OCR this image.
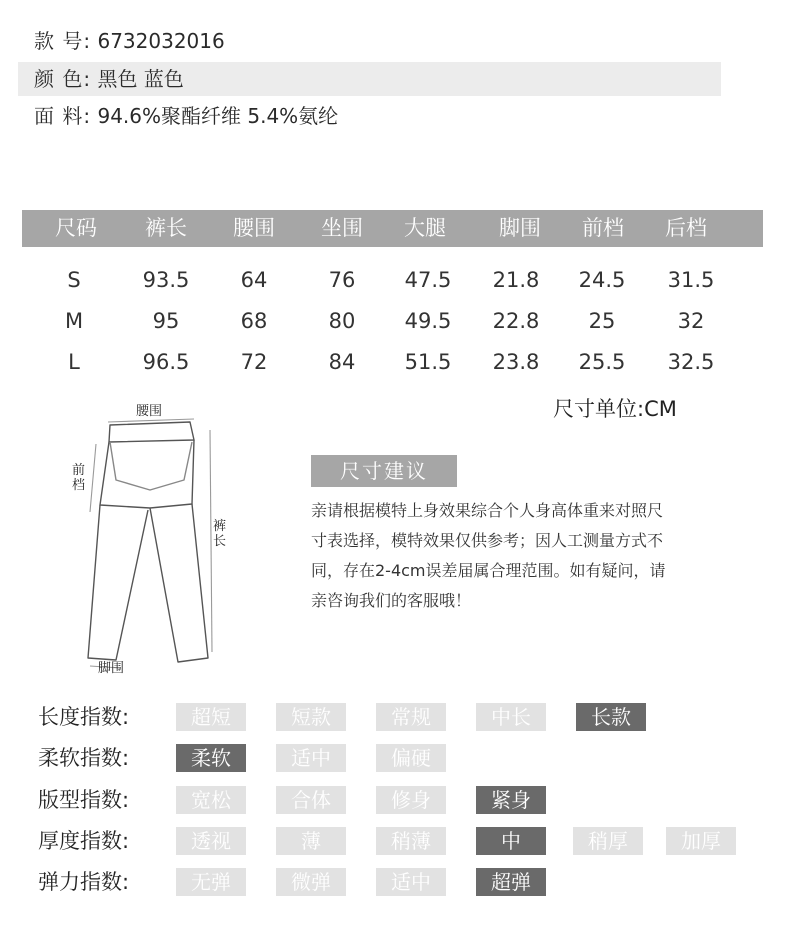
款 号: 6732032016
颜 色: 黑色 蓝色
面 料: 94.6%聚酯纤维 5.4%氨纶
尺码	裤长	腰围	坐围	大腿	脚围	前档	后档
S	93.5	64	76	47.5	21.8	24.5	31.5
M	95	68	80	49.5	22.8	25	32
L	96.5	72	84	51.5	23.8	25.5	32.5
尺寸单位:CM
腰围
前档
裤长
脚围
尺寸建议
亲请根据模特上身效果综合个人身高体重来对照尺
寸表选择，模特效果仅供参考；因人工测量方式不
同，存在2-4cm误差届属合理范围。如有疑问，请
亲咨询我们的客服哦！
长度指数:	超短	短款	常规	中长	长款
柔软指数:	柔软	适中	偏硬
版型指数:	宽松	合体	修身	紧身
厚度指数:	透视	薄	稍薄	中	稍厚	加厚
弹力指数:	无弹	微弹	适中	超弹
